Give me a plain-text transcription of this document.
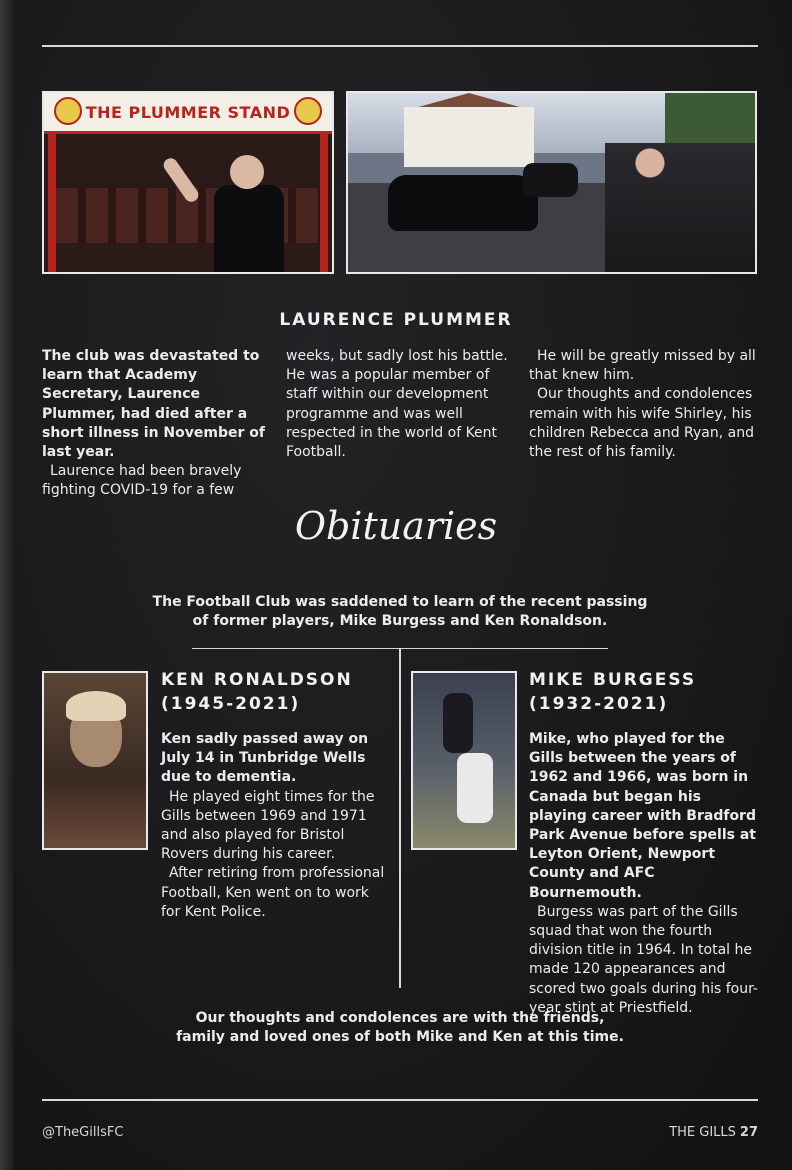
THE PLUMMER STAND
LAURENCE PLUMMER

The club was devastated to learn that Academy Secretary, Laurence Plummer, had died after a short illness in November of last year.

Laurence had been bravely fighting COVID-19 for a few

weeks, but sadly lost his battle. He was a popular member of staff within our development programme and was well respected in the world of Kent Football.

He will be greatly missed by all that knew him.

Our thoughts and condolences remain with his wife Shirley, his children Rebecca and Ryan, and the rest of his family.

Obituaries
The Football Club was saddened to learn of the recent passing
of former players, Mike Burgess and Ken Ronaldson.
KEN RONALDSON
(1945-2021)

Ken sadly passed away on July 14 in Tunbridge Wells due to dementia.

He played eight times for the Gills between 1969 and 1971 and also played for Bristol Rovers during his career.

After retiring from professional Football, Ken went on to work for Kent Police.

MIKE BURGESS
(1932-2021)

Mike, who played for the Gills between the years of 1962 and 1966, was born in Canada but began his playing career with Bradford Park Avenue before spells at Leyton Orient, Newport County and AFC Bournemouth.

Burgess was part of the Gills squad that won the fourth division title in 1964. In total he made 120 appearances and scored two goals during his four-year stint at Priestfield.

Our thoughts and condolences are with the friends,
family and loved ones of both Mike and Ken at this time.
@TheGillsFC	THE GILLS 27
